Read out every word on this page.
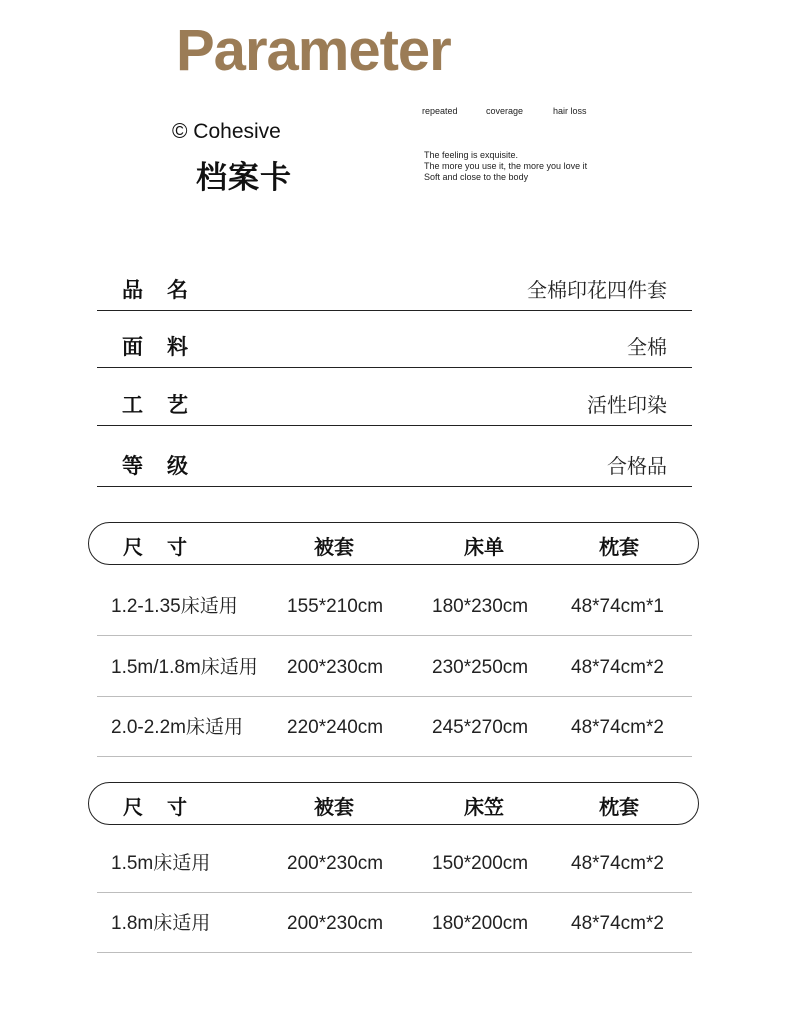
Parameter
© Cohesive
档案卡
repeated	coverage	hair loss
The feeling is exquisite.
The more you use it, the more you love it
Soft and close to the body
品名	全棉印花四件套
面料	全棉
工艺	活性印染
等级	合格品
尺寸	被套	床单	枕套
1.2-1.35床适用	155*210cm	180*230cm 48*74cm*1
1.5m/1.8m床适用 200*230cm	230*250cm 48*74cm*2
2.0-2.2m床适用 220*240cm	245*270cm 48*74cm*2
尺寸	被套	床笠	枕套
1.5m床适用	200*230cm	150*200cm 48*74cm*2
1.8m床适用	200*230cm	180*200cm 48*74cm*2
